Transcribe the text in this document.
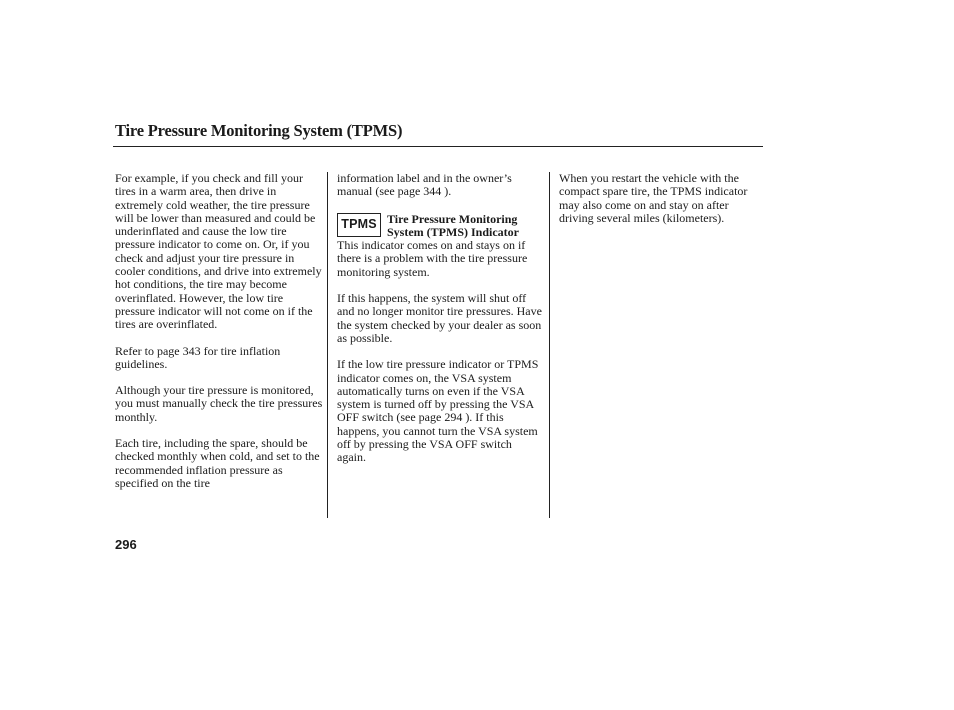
Tire Pressure Monitoring System (TPMS)

For example, if you check and fill your tires in a warm area, then drive in extremely cold weather, the tire pressure will be lower than measured and could be underinflated and cause the low tire pressure indicator to come on. Or, if you check and adjust your tire pressure in cooler conditions, and drive into extremely hot conditions, the tire may become overinflated. However, the low tire pressure indicator will not come on if the tires are overinflated.

Refer to page 343 for tire inflation guidelines.

Although your tire pressure is monitored, you must manually check the tire pressures monthly.

Each tire, including the spare, should be checked monthly when cold, and set to the recommended inflation pressure as specified on the tire

information label and in the owner’s manual (see page 344 ).

TPMS Tire Pressure Monitoring System (TPMS) Indicator

This indicator comes on and stays on if there is a problem with the tire pressure monitoring system.

If this happens, the system will shut off and no longer monitor tire pressures. Have the system checked by your dealer as soon as possible.

If the low tire pressure indicator or TPMS indicator comes on, the VSA system automatically turns on even if the VSA system is turned off by pressing the VSA OFF switch (see page 294 ). If this happens, you cannot turn the VSA system off by pressing the VSA OFF switch again.

When you restart the vehicle with the compact spare tire, the TPMS indicator may also come on and stay on after driving several miles (kilometers).

296
